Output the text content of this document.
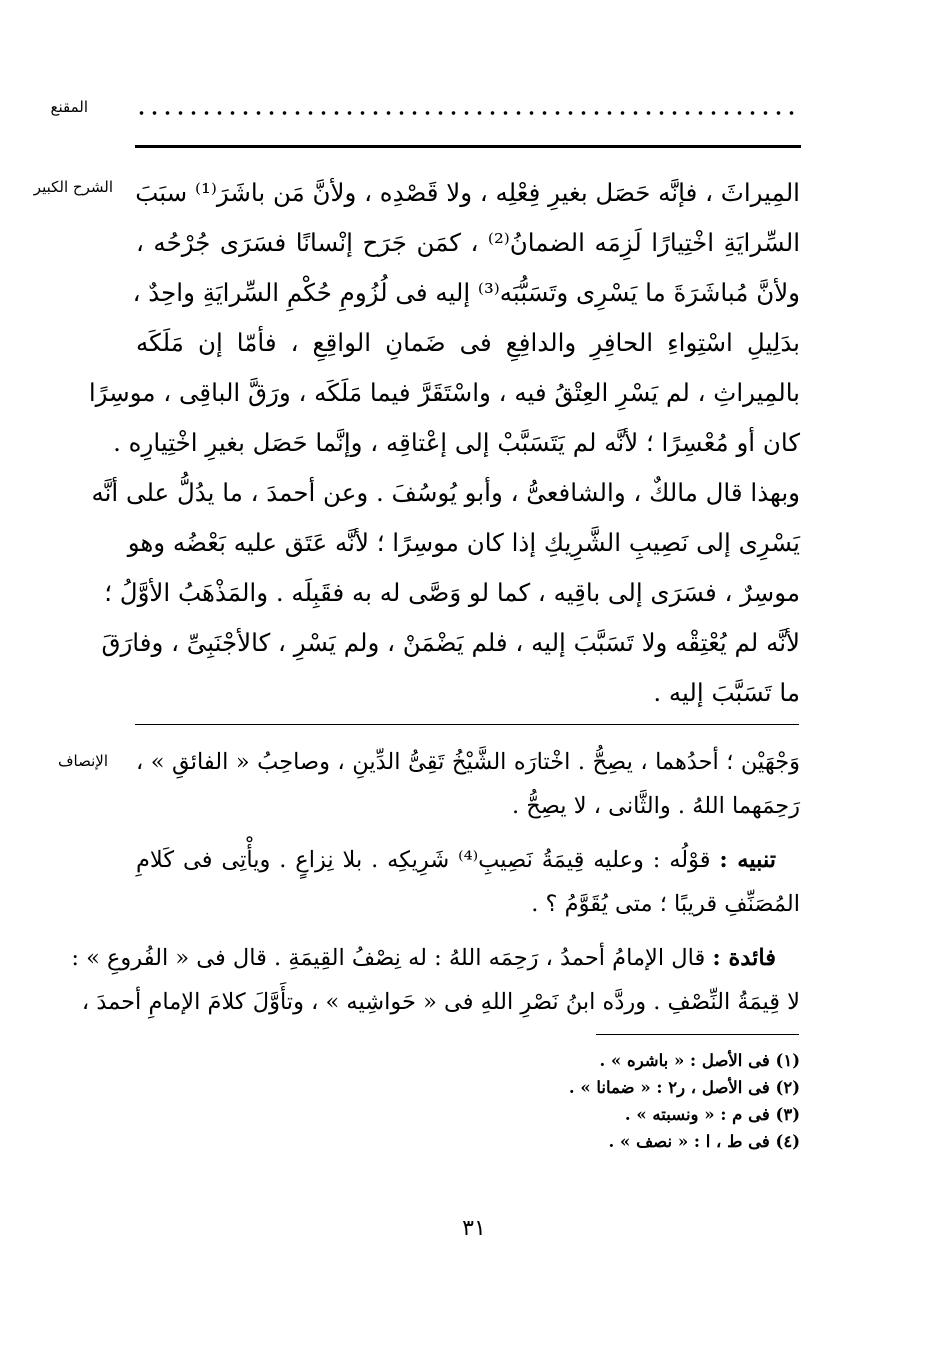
المقنع
الشرح الكبير المِيراثَ ، فإنَّه حَصَل بغيرِ فِعْلِه ، ولا قَصْدِه ، ولأنَّ مَن باشَرَ⁽¹⁾ سبَبَ
السِّرايَةِ اخْتِيارًا لَزِمَه الضمانُ⁽²⁾ ، كمَن جَرَح إنْسانًا فسَرَى جُرْحُه ،
ولأنَّ مُباشَرَةَ ما يَسْرِى وتَسَبُّبَه⁽³⁾ إليه فى لُزُومِ حُكْمِ السِّرايَةِ واحِدٌ ،
بدَلِيلِ اسْتِواءِ الحافِرِ والدافِعِ فى ضَمانِ الواقِعِ ، فأمّا إن مَلَكَه
بالمِيراثِ ، لم يَسْرِ العِتْقُ فيه ، واسْتَقَرَّ فيما مَلَكَه ، ورَقَّ الباقِى ، موسِرًا
كان أو مُعْسِرًا ؛ لأنَّه لم يَتَسَبَّبْ إلى إعْتاقِه ، وإنَّما حَصَل بغيرِ اخْتِيارِه .
وبهذا قال مالكٌ ، والشافعىُّ ، وأبو يُوسُفَ . وعن أحمدَ ، ما يدُلُّ على أنَّه
يَسْرِى إلى نَصِيبِ الشَّرِيكِ إذا كان موسِرًا ؛ لأنَّه عَتَق عليه بَعْضُه وهو
موسِرٌ ، فسَرَى إلى باقِيه ، كما لو وَصَّى له به فقَبِلَه . والمَذْهَبُ الأوَّلُ ؛
لأنَّه لم يُعْتِقْه ولا تَسَبَّبَ إليه ، فلم يَضْمَنْ ، ولم يَسْرِ ، كالأجْنَبِىِّ ، وفارَقَ
ما تَسَبَّبَ إليه .
الإنصاف وَجْهَيْن ؛ أحدُهما ، يصِحُّ . اخْتارَه الشَّيْخُ تَقِىُّ الدِّينِ ، وصاحِبُ « الفائقِ » ،
رَحِمَهما اللهُ . والثَّانى ، لا يصِحُّ .
تنبيه : قوْلُه : وعليه قِيمَةُ نَصِيبِ⁽⁴⁾ شَرِيكِه . بلا نِزاعٍ . ويأْتِى فى كَلامِ
المُصَنِّفِ قريبًا ؛ متى يُقَوَّمُ ؟ .
فائدة : قال الإمامُ أحمدُ ، رَحِمَه اللهُ : له نِصْفُ القِيمَةِ . قال فى « الفُروعِ » :
لا قِيمَةُ النِّصْفِ . وردَّه ابنُ نَصْرِ اللهِ فى « حَواشِيه » ، وتأَوَّلَ كلامَ الإمامِ أحمدَ ،
(١) فى الأصل : « باشره » .
(٢) فى الأصل ، ر٢ : « ضمانا » .
(٣) فى م : « ونسبته » .
(٤) فى ط ، ا : « نصف » .
٣١
